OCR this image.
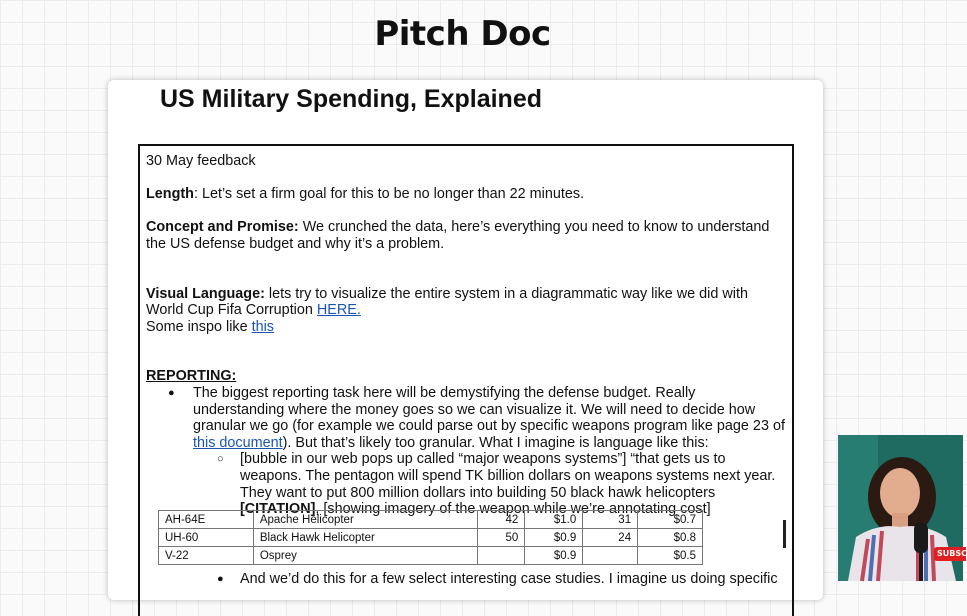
Pitch Doc
US Military Spending, Explained

30 May feedback

Length: Let’s set a firm goal for this to be no longer than 22 minutes.

Concept and Promise: We crunched the data, here’s everything you need to know to understand the US defense budget and why it’s a problem.

Visual Language: lets try to visualize the entire system in a diagrammatic way like we did with World Cup Fifa Corruption HERE.

Some inspo like this

REPORTING:

● The biggest reporting task here will be demystifying the defense budget. Really understanding where the money goes so we can visualize it. We will need to decide how granular we go (for example we could parse out by specific weapons program like page 23 of this document). But that’s likely too granular. What I imagine is language like this:
○ [bubble in our web pops up called “major weapons systems”] “that gets us to weapons. The pentagon will spend TK billion dollars on weapons systems next year. They want to put 800 million dollars into building 50 black hawk helicopters [CITATION], [showing imagery of the weapon while we’re annotating cost]
AH-64E	Apache Helicopter	42	$1.0	31	$0.7
UH-60	Black Hawk Helicopter	50	$0.9	24	$0.8
V-22	Osprey		$0.9		$0.5
● And we’d do this for a few select interesting case studies. I imagine us doing specific
SUBSC
